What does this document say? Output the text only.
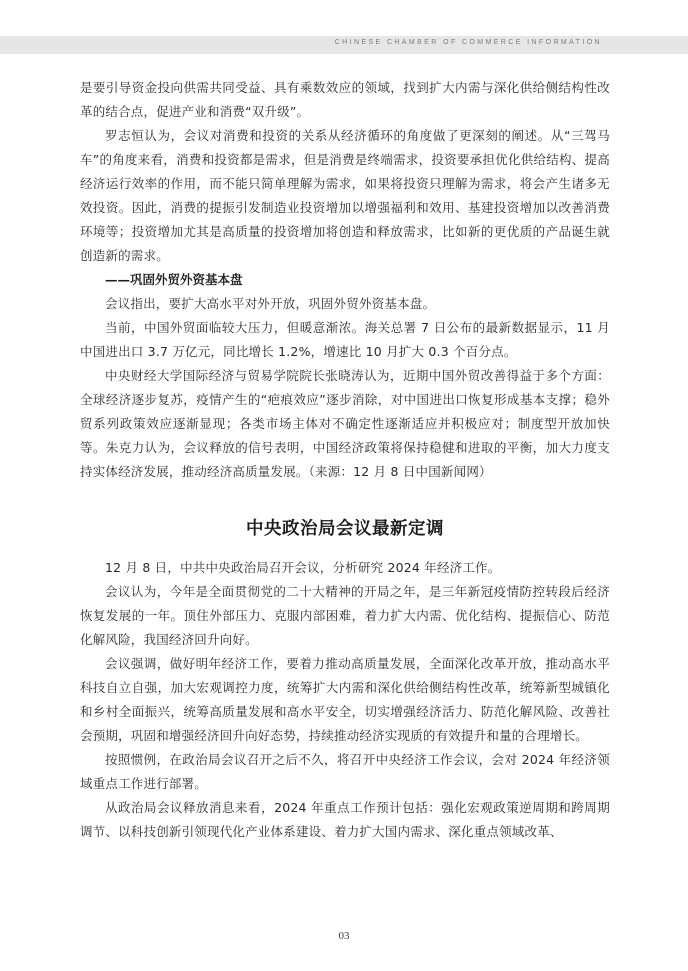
CHINESE CHAMBER OF COMMERCE INFORMATION

是要引导资金投向供需共同受益、具有乘数效应的领域，找到扩大内需与深化供给侧结构性改革的结合点，促进产业和消费“双升级”。

罗志恒认为，会议对消费和投资的关系从经济循环的角度做了更深刻的阐述。从“三驾马车”的角度来看，消费和投资都是需求，但是消费是终端需求，投资要承担优化供给结构、提高经济运行效率的作用，而不能只简单理解为需求，如果将投资只理解为需求，将会产生诸多无效投资。因此，消费的提振引发制造业投资增加以增强福利和效用、基建投资增加以改善消费环境等；投资增加尤其是高质量的投资增加将创造和释放需求，比如新的更优质的产品诞生就创造新的需求。

——巩固外贸外资基本盘

会议指出，要扩大高水平对外开放，巩固外贸外资基本盘。

当前，中国外贸面临较大压力，但暖意渐浓。海关总署 7 日公布的最新数据显示，11 月中国进出口 3.7 万亿元，同比增长 1.2%，增速比 10 月扩大 0.3 个百分点。

中央财经大学国际经济与贸易学院院长张晓涛认为，近期中国外贸改善得益于多个方面：全球经济逐步复苏，疫情产生的“疤痕效应”逐步消除，对中国进出口恢复形成基本支撑；稳外贸系列政策效应逐渐显现；各类市场主体对不确定性逐渐适应并积极应对；制度型开放加快等。朱克力认为，会议释放的信号表明，中国经济政策将保持稳健和进取的平衡，加大力度支持实体经济发展，推动经济高质量发展。（来源：12 月 8 日中国新闻网）

中央政治局会议最新定调

12 月 8 日，中共中央政治局召开会议，分析研究 2024 年经济工作。

会议认为，今年是全面贯彻党的二十大精神的开局之年，是三年新冠疫情防控转段后经济恢复发展的一年。顶住外部压力、克服内部困难，着力扩大内需、优化结构、提振信心、防范化解风险，我国经济回升向好。

会议强调，做好明年经济工作，要着力推动高质量发展，全面深化改革开放，推动高水平科技自立自强，加大宏观调控力度，统筹扩大内需和深化供给侧结构性改革，统筹新型城镇化和乡村全面振兴，统筹高质量发展和高水平安全，切实增强经济活力、防范化解风险、改善社会预期，巩固和增强经济回升向好态势，持续推动经济实现质的有效提升和量的合理增长。

按照惯例，在政治局会议召开之后不久，将召开中央经济工作会议，会对 2024 年经济领域重点工作进行部署。

从政治局会议释放消息来看，2024 年重点工作预计包括：强化宏观政策逆周期和跨周期调节、以科技创新引领现代化产业体系建设、着力扩大国内需求、深化重点领域改革、

03
